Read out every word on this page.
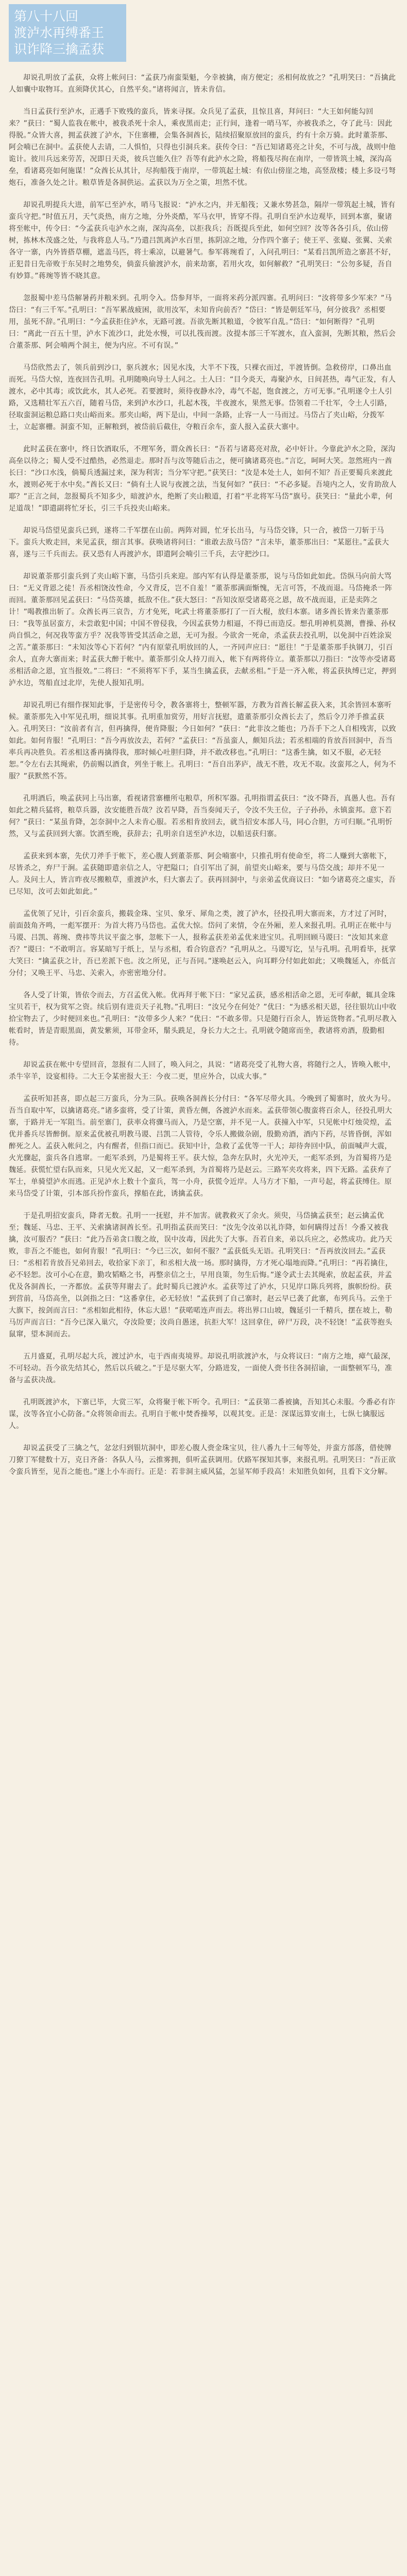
第八十八回
渡泸水再缚番王
识诈降三擒孟获

却说孔明放了孟获，众将上帐问曰：“孟获乃南蛮渠魁，今幸被擒，南方便定；丞相何故放之？”孔明笑曰：“吾擒此人如囊中取物耳。直须降伏其心，自然平矣。”诸将闻言，皆未肯信。

当日孟获行至泸水，正遇手下败残的蛮兵，皆来寻探。众兵见了孟获，且惊且喜，拜问曰：“大王如何能勾回来？”获曰：“蜀人监我在帐中，被我杀死十余人，乘夜黑而走；正行间，逢着一哨马军，亦被我杀之，夺了此马：因此得脱。”众皆大喜，拥孟获渡了泸水，下住寨栅，会集各洞酋长，陆续招聚原放回的蛮兵，约有十余万骑。此时董荼那、阿会喃已在洞中。孟获使人去请，二人惧怕，只得也引洞兵来。获传令曰：“吾已知诸葛亮之计矣，不可与战，战则中他诡计。彼川兵远来劳苦，况即日天炎，彼兵岂能久住？吾等有此泸水之险，将船筏尽拘在南岸，一带皆筑土城，深沟高垒，看诸葛亮如何施谋！”众酋长从其计，尽拘船筏于南岸，一带筑起土城：有依山傍崖之地，高竖敌楼；楼上多设弓弩炮石，准备久处之计。粮草皆是各洞供运。孟获以为万全之策，坦然不忧。

却说孔明提兵大进，前军已至泸水，哨马飞报说：“泸水之内，并无船筏；又兼水势甚急，隔岸一带筑起土城，皆有蛮兵守把。”时值五月，天气炎热，南方之地，分外炎酷，军马衣甲，皆穿不得。孔明自至泸水边观毕，回到本寨，聚诸将至帐中，传令曰：“今孟获兵屯泸水之南，深沟高垒，以拒我兵；吾既提兵至此，如何空回？汝等各各引兵，依山傍树，拣林木茂盛之处，与我将息人马。”乃遣吕凯离泸水百里，拣阴凉之地，分作四个寨子；使王平、张嶷、张翼、关索各守一寨，内外皆搭草棚，遮盖马匹，将士乘凉，以避暑气。参军蒋琬看了，入问孔明曰：“某看吕凯所造之寨甚不好，正犯昔日先帝败于东吴时之地势矣，倘蛮兵偷渡泸水，前来劫寨，若用火攻，如何解救？”孔明笑曰：“公勿多疑，吾自有妙算。”蒋琬等皆不晓其意。

忽报蜀中差马岱解暑药并粮米到。孔明令入。岱参拜毕，一面将米药分派四寨。孔明问曰：“汝将带多少军来？”马岱曰：“有三千军。”孔明曰：“吾军累战疲困，欲用汝军，未知肯向前否？”岱曰：“皆是朝廷军马，何分彼我？丞相要用，虽死不辞。”孔明曰：“今孟获拒住泸水，无路可渡。吾欲先断其粮道，令彼军自乱。”岱曰：“如何断得？”孔明曰：“离此一百五十里，泸水下流沙口，此处水慢，可以扎筏而渡。汝提本部三千军渡水，直入蛮洞，先断其粮，然后会合董荼那、阿会喃两个洞主，便为内应。不可有误。”

马岱欣然去了，领兵前到沙口，驱兵渡水；因见水浅，大半不下筏，只裸衣而过，半渡皆倒。急救傍岸，口鼻出血而死。马岱大惊，连夜回告孔明。孔明随唤向导土人问之。土人曰：“目今炎天，毒聚泸水，日间甚热，毒气正发，有人渡水，必中其毒；或饮此水，其人必死。若要渡时，须待夜静水冷，毒气不起，饱食渡之，方可无事。”孔明遂令土人引路，又选精壮军五六百，随着马岱，来到泸水沙口，扎起木筏，半夜渡水，果然无事。岱领着二千壮军，令土人引路，径取蛮洞运粮总路口夹山峪而来。那夹山峪，两下是山，中间一条路，止容一人一马而过。马岱占了夹山峪，分拨军士，立起寨栅。洞蛮不知，正解粮到，被岱前后截住，夺粮百余车，蛮人报入孟获大寨中。

此时孟获在寨中，终日饮酒取乐，不理军务，谓众酋长曰：“吾若与诸葛亮对敌，必中奸计。今靠此泸水之险，深沟高垒以待之；蜀人受不过酷热，必然退走。那时吾与汝等随后击之，便可擒诸葛亮也。”言讫，呵呵大笑。忽然班内一酋长曰：“沙口水浅，倘蜀兵透漏过来，深为利害；当分军守把。”获笑曰：“汝是本处土人，如何不知？吾正要蜀兵来渡此水，渡则必死于水中矣。”酋长又曰：“倘有土人说与夜渡之法，当复何如？”获曰：“不必多疑。吾境内之人，安肯助敌人耶？”正言之间，忽报蜀兵不知多少，暗渡泸水，绝断了夹山粮道，打着“平北将军马岱”旗号。获笑曰：“量此小辈，何足道哉！”即遣副将忙牙长，引三千兵投夹山峪来。

却说马岱望见蛮兵已到，遂将二千军摆在山前。两阵对圆，忙牙长出马，与马岱交锋，只一合，被岱一刀斩于马下。蛮兵大败走回，来见孟获，细言其事。获唤诸将问曰：“谁敢去敌马岱？”言未毕，董荼那出曰：“某愿往。”孟获大喜，遂与三千兵而去。获又恐有人再渡泸水，即遣阿会喃引三千兵，去守把沙口。

却说董荼那引蛮兵到了夹山峪下寨，马岱引兵来迎。部内军有认得是董荼那，说与马岱如此如此。岱纵马向前大骂曰：“无义背恩之徒！吾丞相饶汝性命，今又背反，岂不自羞！”董荼那满面惭愧，无言可答，不战而退。马岱掩杀一阵而回。董荼那回见孟获曰：“马岱英雄，抵敌不住。”获大怒曰：“吾知汝原受诸葛亮之恩，故不战而退，正是卖阵之计！”喝教推出斩了。众酋长再三哀告，方才免死，叱武士将董荼那打了一百大棍，放归本寨。诸多酋长皆来告董荼那曰：“我等虽居蛮方，未尝敢犯中国；中国不曾侵我，今因孟获势力相逼，不得已而造反。想孔明神机莫测，曹操、孙权尚自惧之，何况我等蛮方乎？况我等皆受其活命之恩，无可为报。今欲舍一死命，杀孟获去投孔明，以免洞中百姓涂炭之苦。”董荼那曰：“未知汝等心下若何？”内有原蒙孔明放回的人，一齐同声应曰：“愿往！”于是董荼那手执钢刀，引百余人，直奔大寨而来；时孟获大醉于帐中。董荼那引众人持刀而入，帐下有两将侍立。董荼那以刀指曰：“汝等亦受诸葛丞相活命之恩，宜当报效。”二将曰：“不须将军下手，某当生擒孟获，去献丞相。”于是一齐入帐，将孟获执缚已定，押到泸水边，驾船直过北岸，先使人报知孔明。

却说孔明已有细作探知此事，于是密传号令，教各寨将士，整顿军器，方教为首酋长解孟获入来，其余皆回本寨听候。董荼那先入中军见孔明，细说其事。孔明重加赏劳，用好言抚慰，遣董荼那引众酋长去了，然后令刀斧手推孟获入。孔明笑曰：“汝前者有言，但再擒得，便肯降服；今日如何？”获曰：“此非汝之能也；乃吾手下之人自相残害，以致如此。如何肯服！”孔明曰：“吾今再放汝去，若何？”孟获曰：“吾虽蛮人，颇知兵法；若丞相端的肯放吾回洞中，吾当率兵再决胜负。若丞相这番再擒得我，那时倾心吐胆归降，并不敢改移也。”孔明曰：“这番生擒，如又不服，必无轻恕。”令左右去其绳索，仍前赐以酒食，列坐于帐上。孔明曰：“吾自出茅庐，战无不胜，攻无不取。汝蛮邦之人，何为不服？”获默然不答。

孔明酒后，唤孟获同上马出寨，看视诸营寨栅所屯粮草，所积军器。孔明指谓孟获曰：“汝不降吾，真愚人也。吾有如此之精兵猛将，粮草兵器，汝安能胜吾哉？汝若早降，吾当奏闻天子，令汝不失王位，子子孙孙，永镇蛮邦。意下若何？”获曰：“某虽肯降，怎奈洞中之人未肯心服。若丞相肯放回去，就当招安本部人马，同心合胆，方可归顺。”孔明忻然，又与孟获回到大寨。饮酒至晚，获辞去；孔明亲自送至泸水边，以船送获归寨。

孟获来到本寨，先伏刀斧手于帐下，差心腹人到董荼那、阿会喃寨中，只推孔明有使命至，将二人赚到大寨帐下，尽皆杀之，弃尸于涧。孟获随即遣亲信之人，守把隘口；自引军出了洞，前望夹山峪来，要与马岱交战；却并不见一人。及问土人，皆言昨夜尽搬粮草，重渡泸水，归大寨去了。获再回洞中，与亲弟孟优商议曰：“如今诸葛亮之虚实，吾已尽知，汝可去如此如此。”

孟优领了兄计，引百余蛮兵，搬载金珠、宝贝、象牙、犀角之类，渡了泸水，径投孔明大寨而来，方才过了河时，前面鼓角齐鸣，一彪军摆开：为首大将乃马岱也。孟优大惊。岱问了来情，令在外厢，差人来报孔明。孔明正在帐中与马谡、吕凯、蒋琬、费祎等共议平蛮之事，忽帐下一人，报称孟获差弟孟优来进宝贝。孔明回顾马谡曰：“汝知其来意否？”谡曰：“不敢明言。容某暗写于纸上，呈与丞相，看合钧意否？”孔明从之。马谡写讫，呈与孔明。孔明看毕，抚掌大笑曰：“擒孟获之计，吾已差派下也。汝之所见，正与吾同。”遂唤赵云入，向耳畔分付如此如此；又唤魏延入，亦低言分付；又唤王平、马忠、关索入，亦密密地分付。

各人受了计策，皆依令而去，方召孟优入帐。优再拜于帐下曰：“家兄孟获，感丞相活命之恩，无可奉献，辄具金珠宝贝若干，权为赏军之资。续后别有进贡天子礼物。”孔明曰：“汝兄今在何处？”优曰：“为感丞相天恩，径往银坑山中收拾宝物去了，少时便回来也。”孔明曰：“汝带多少人来？”优曰：“不敢多带。只是随行百余人，皆运货物者。”孔明尽教入帐看时，皆是青眼黑面，黄发紫须，耳带金环，鬅头跣足，身长力大之士。孔明就令随席而坐，教诸将劝酒，殷勤相待。

却说孟获在帐中专望回音，忽报有二人回了，唤入问之，具说：“诸葛亮受了礼物大喜，将随行之人，皆唤入帐中，杀牛宰羊，设宴相待。二大王令某密报大王：今夜二更，里应外合，以成大事。”

孟获听知甚喜，即点起三万蛮兵，分为三队。获唤各洞酋长分付曰：“各军尽带火具。今晚到了蜀寨时，放火为号。吾当自取中军，以擒诸葛亮。”诸多蛮将，受了计策，黄昏左侧，各渡泸水而来。孟获带领心腹蛮将百余人，径投孔明大寨，于路并无一军阻当。前至寨门，获率众将骤马而入，乃是空寨，并不见一人。获撞入中军，只见帐中灯烛荧煌，孟优并番兵尽皆醉倒。原来孟优被孔明教马谡、吕凯二人管待，令乐人搬做杂剧，殷勤劝酒，酒内下药，尽皆昏倒，浑如醉死之人。孟获入帐问之，内有醒者，但指口而已。获知中计，急救了孟优等一干人；却待奔回中队，前面喊声大震，火光骤起，蛮兵各自逃窜。一彪军杀到，乃是蜀将王平。获大惊，急奔左队时，火光冲天，一彪军杀到，为首蜀将乃是魏延。获慌忙望右队而来，只见火光又起，又一彪军杀到，为首蜀将乃是赵云。三路军夹攻将来，四下无路。孟获弃了军士，单骑望泸水而逃。正见泸水上数十个蛮兵，驾一小舟，获慌令近岸。人马方才下船，一声号起，将孟获缚住。原来马岱受了计策，引本部兵扮作蛮兵，撑船在此，诱擒孟获。

于是孔明招安蛮兵，降者无数。孔明一一抚慰，并不加害。就教救灭了余火。须臾，马岱擒孟获至；赵云擒孟优至；魏延、马忠、王平、关索擒诸洞酋长至。孔明指孟获而笑曰：“汝先令汝弟以礼诈降，如何瞒得过吾！今番又被我擒，汝可服否？”获曰：“此乃吾弟贪口腹之故，误中汝毒，因此失了大事。吾若自来，弟以兵应之，必然成功。此乃天败，非吾之不能也，如何肯服！”孔明曰：“今已三次，如何不服？”孟获低头无语。孔明笑曰：“吾再放汝回去。”孟获曰：“丞相若肯放吾兄弟回去，收拾家下亲丁，和丞相大战一场。那时擒得，方才死心塌地而降。”孔明曰：“再若擒住，必不轻恕。汝可小心在意，勤攻韬略之书，再整亲信之士，早用良策，勿生后悔。”遂令武士去其绳索，放起孟获，并孟优及各洞酋长，一齐都放。孟获等拜谢去了。此时蜀兵已渡泸水。孟获等过了泸水，只见岸口陈兵列将，旗帜纷纷。获到营前，马岱高坐，以剑指之曰：“这番拿住，必无轻放！”孟获到了自己寨时，赵云早已袭了此寨，布列兵马。云坐于大旗下，按剑而言曰：“丞相如此相待，休忘大恩！”获喏喏连声而去。将出界口山坡，魏延引一千精兵，摆在坡上，勒马厉声而言曰：“吾今已深入巢穴，夺汝险要；汝尚自愚迷，抗拒大军！这回拿住，碎尸万段，决不轻饶！”孟获等抱头鼠窜，望本洞而去。

五月盛夏，孔明尽起大兵，渡过泸水，屯于西南夷境界。却说孔明欲渡泸水，与众将议曰：“南方之地，瘴气最深，不可轻动。吾今欲先结其心，然后以兵破之。”于是尽驱大军，分路进发，一面使人赍书往各洞招谕，一面整顿军马，准备与孟获决战。

孔明既渡泸水，下寨已毕，大赏三军，众将聚于帐下听令。孔明曰：“孟获第二番被擒，吾知其心未服。今番必有诈谋，汝等各宜小心防备。”众将领命而去。孔明自于帐中焚香操琴，以观其变。正是：深谋远算安南土，七纵七擒服远人。

却说孟获受了三擒之气，忿忿归到银坑洞中，即差心腹人赍金珠宝贝，往八番九十三甸等处，并蛮方部落，借使牌刀獠丁军健数十万，克日齐备：各队人马，云推雾拥，俱听孟获调用。伏路军探知其事，来报孔明。孔明笑曰：“吾正欲令蛮兵皆至，见吾之能也。”遂上小车而行。正是：若非洞主威风猛，怎显军师手段高！未知胜负如何，且看下文分解。
